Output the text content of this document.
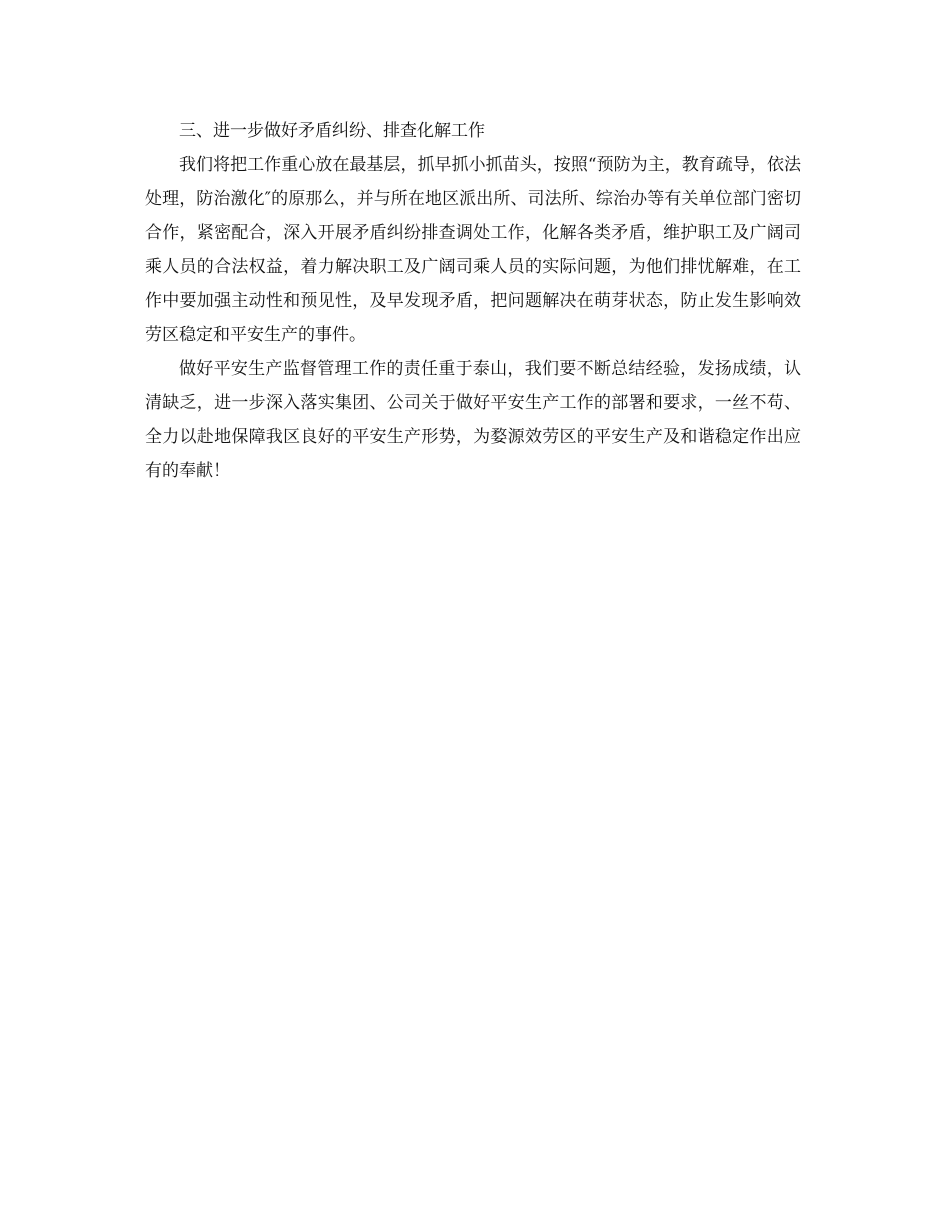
三、进一步做好矛盾纠纷、排查化解工作

我们将把工作重心放在最基层，抓早抓小抓苗头，按照“预防为主，教育疏导，依法处理，防治激化″的原那么，并与所在地区派出所、司法所、综治办等有关单位部门密切合作，紧密配合，深入开展矛盾纠纷排查调处工作，化解各类矛盾，维护职工及广阔司乘人员的合法权益，着力解决职工及广阔司乘人员的实际问题，为他们排忧解难，在工作中要加强主动性和预见性，及早发现矛盾，把问题解决在萌芽状态，防止发生影响效劳区稳定和平安生产的事件。

做好平安生产监督管理工作的责任重于泰山，我们要不断总结经验，发扬成绩，认清缺乏，进一步深入落实集团、公司关于做好平安生产工作的部署和要求，一丝不苟、全力以赴地保障我区良好的平安生产形势，为婺源效劳区的平安生产及和谐稳定作出应有的奉献！
